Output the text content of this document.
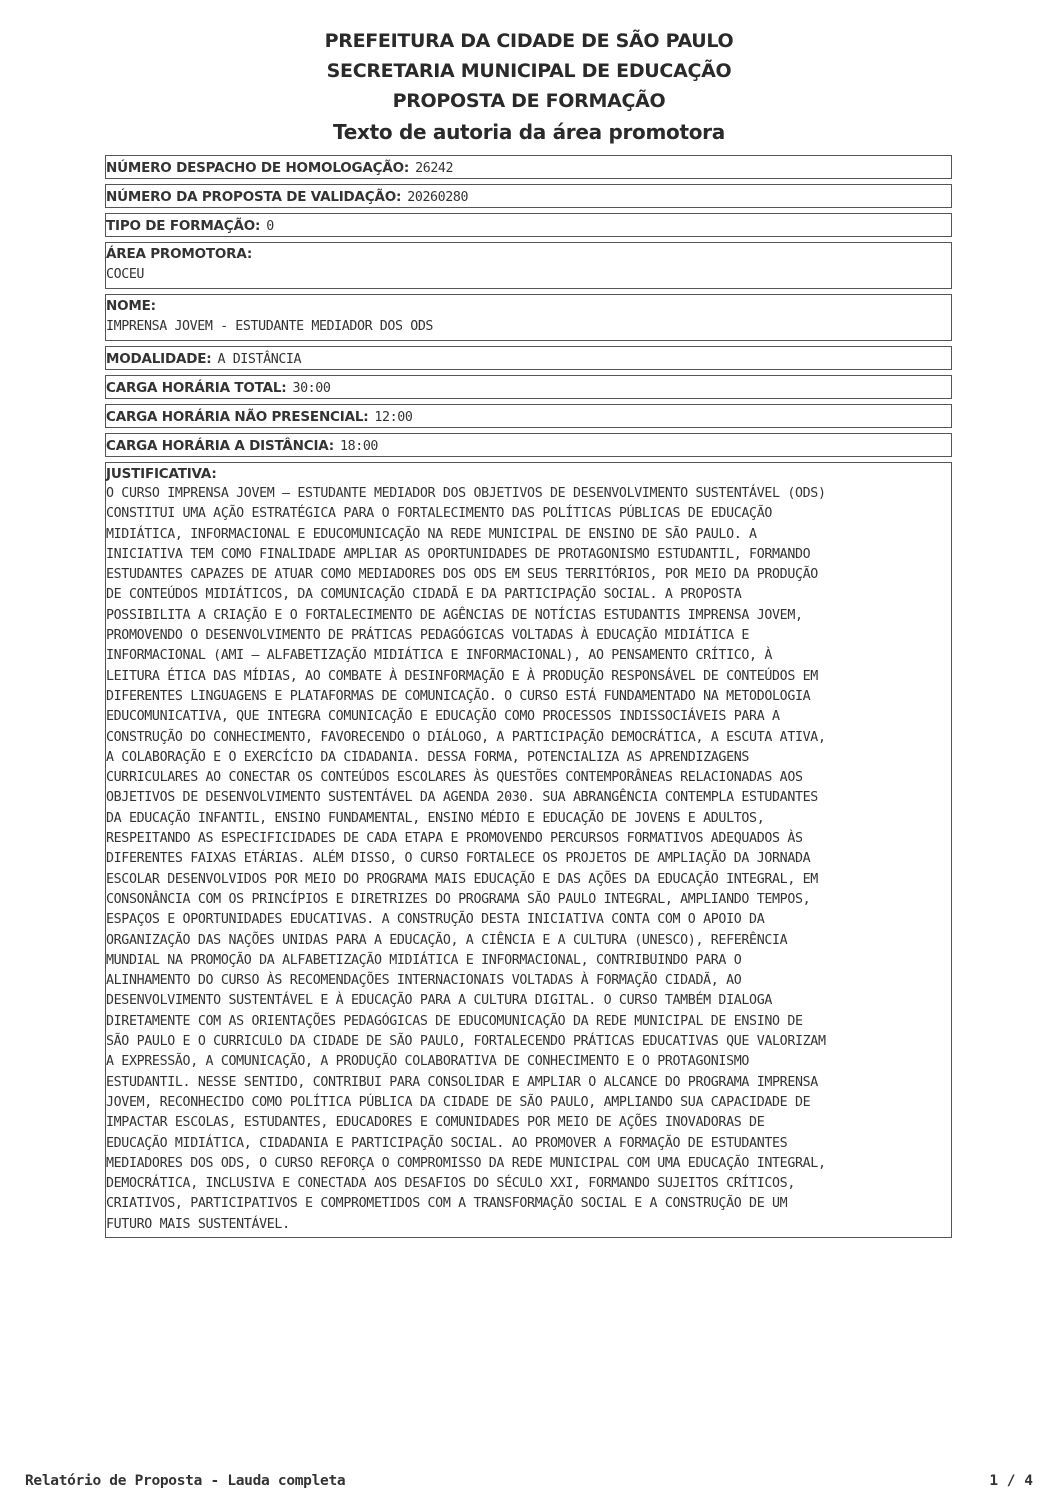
PREFEITURA DA CIDADE DE SÃO PAULO
SECRETARIA MUNICIPAL DE EDUCAÇÃO
PROPOSTA DE FORMAÇÃO
Texto de autoria da área promotora
NÚMERO DESPACHO DE HOMOLOGAÇÃO: 26242
NÚMERO DA PROPOSTA DE VALIDAÇÃO: 20260280
TIPO DE FORMAÇÃO: 0
ÁREA PROMOTORA:
COCEU
NOME:
IMPRENSA JOVEM - ESTUDANTE MEDIADOR DOS ODS
MODALIDADE: A DISTÂNCIA
CARGA HORÁRIA TOTAL: 30:00
CARGA HORÁRIA NÃO PRESENCIAL: 12:00
CARGA HORÁRIA A DISTÂNCIA: 18:00
JUSTIFICATIVA:
O CURSO IMPRENSA JOVEM — ESTUDANTE MEDIADOR DOS OBJETIVOS DE DESENVOLVIMENTO SUSTENTÁVEL (ODS)
CONSTITUI UMA AÇÃO ESTRATÉGICA PARA O FORTALECIMENTO DAS POLÍTICAS PÚBLICAS DE EDUCAÇÃO
MIDIÁTICA, INFORMACIONAL E EDUCOMUNICAÇÃO NA REDE MUNICIPAL DE ENSINO DE SÃO PAULO. A
INICIATIVA TEM COMO FINALIDADE AMPLIAR AS OPORTUNIDADES DE PROTAGONISMO ESTUDANTIL, FORMANDO
ESTUDANTES CAPAZES DE ATUAR COMO MEDIADORES DOS ODS EM SEUS TERRITÓRIOS, POR MEIO DA PRODUÇÃO
DE CONTEÚDOS MIDIÁTICOS, DA COMUNICAÇÃO CIDADÃ E DA PARTICIPAÇÃO SOCIAL. A PROPOSTA
POSSIBILITA A CRIAÇÃO E O FORTALECIMENTO DE AGÊNCIAS DE NOTÍCIAS ESTUDANTIS IMPRENSA JOVEM,
PROMOVENDO O DESENVOLVIMENTO DE PRÁTICAS PEDAGÓGICAS VOLTADAS À EDUCAÇÃO MIDIÁTICA E
INFORMACIONAL (AMI — ALFABETIZAÇÃO MIDIÁTICA E INFORMACIONAL), AO PENSAMENTO CRÍTICO, À
LEITURA ÉTICA DAS MÍDIAS, AO COMBATE À DESINFORMAÇÃO E À PRODUÇÃO RESPONSÁVEL DE CONTEÚDOS EM
DIFERENTES LINGUAGENS E PLATAFORMAS DE COMUNICAÇÃO. O CURSO ESTÁ FUNDAMENTADO NA METODOLOGIA
EDUCOMUNICATIVA, QUE INTEGRA COMUNICAÇÃO E EDUCAÇÃO COMO PROCESSOS INDISSOCIÁVEIS PARA A
CONSTRUÇÃO DO CONHECIMENTO, FAVORECENDO O DIÁLOGO, A PARTICIPAÇÃO DEMOCRÁTICA, A ESCUTA ATIVA,
A COLABORAÇÃO E O EXERCÍCIO DA CIDADANIA. DESSA FORMA, POTENCIALIZA AS APRENDIZAGENS
CURRICULARES AO CONECTAR OS CONTEÚDOS ESCOLARES ÀS QUESTÕES CONTEMPORÂNEAS RELACIONADAS AOS
OBJETIVOS DE DESENVOLVIMENTO SUSTENTÁVEL DA AGENDA 2030. SUA ABRANGÊNCIA CONTEMPLA ESTUDANTES
DA EDUCAÇÃO INFANTIL, ENSINO FUNDAMENTAL, ENSINO MÉDIO E EDUCAÇÃO DE JOVENS E ADULTOS,
RESPEITANDO AS ESPECIFICIDADES DE CADA ETAPA E PROMOVENDO PERCURSOS FORMATIVOS ADEQUADOS ÀS
DIFERENTES FAIXAS ETÁRIAS. ALÉM DISSO, O CURSO FORTALECE OS PROJETOS DE AMPLIAÇÃO DA JORNADA
ESCOLAR DESENVOLVIDOS POR MEIO DO PROGRAMA MAIS EDUCAÇÃO E DAS AÇÕES DA EDUCAÇÃO INTEGRAL, EM
CONSONÂNCIA COM OS PRINCÍPIOS E DIRETRIZES DO PROGRAMA SÃO PAULO INTEGRAL, AMPLIANDO TEMPOS,
ESPAÇOS E OPORTUNIDADES EDUCATIVAS. A CONSTRUÇÃO DESTA INICIATIVA CONTA COM O APOIO DA
ORGANIZAÇÃO DAS NAÇÕES UNIDAS PARA A EDUCAÇÃO, A CIÊNCIA E A CULTURA (UNESCO), REFERÊNCIA
MUNDIAL NA PROMOÇÃO DA ALFABETIZAÇÃO MIDIÁTICA E INFORMACIONAL, CONTRIBUINDO PARA O
ALINHAMENTO DO CURSO ÀS RECOMENDAÇÕES INTERNACIONAIS VOLTADAS À FORMAÇÃO CIDADÃ, AO
DESENVOLVIMENTO SUSTENTÁVEL E À EDUCAÇÃO PARA A CULTURA DIGITAL. O CURSO TAMBÉM DIALOGA
DIRETAMENTE COM AS ORIENTAÇÕES PEDAGÓGICAS DE EDUCOMUNICAÇÃO DA REDE MUNICIPAL DE ENSINO DE
SÃO PAULO E O CURRICULO DA CIDADE DE SÃO PAULO, FORTALECENDO PRÁTICAS EDUCATIVAS QUE VALORIZAM
A EXPRESSÃO, A COMUNICAÇÃO, A PRODUÇÃO COLABORATIVA DE CONHECIMENTO E O PROTAGONISMO
ESTUDANTIL. NESSE SENTIDO, CONTRIBUI PARA CONSOLIDAR E AMPLIAR O ALCANCE DO PROGRAMA IMPRENSA
JOVEM, RECONHECIDO COMO POLÍTICA PÚBLICA DA CIDADE DE SÃO PAULO, AMPLIANDO SUA CAPACIDADE DE
IMPACTAR ESCOLAS, ESTUDANTES, EDUCADORES E COMUNIDADES POR MEIO DE AÇÕES INOVADORAS DE
EDUCAÇÃO MIDIÁTICA, CIDADANIA E PARTICIPAÇÃO SOCIAL. AO PROMOVER A FORMAÇÃO DE ESTUDANTES
MEDIADORES DOS ODS, O CURSO REFORÇA O COMPROMISSO DA REDE MUNICIPAL COM UMA EDUCAÇÃO INTEGRAL,
DEMOCRÁTICA, INCLUSIVA E CONECTADA AOS DESAFIOS DO SÉCULO XXI, FORMANDO SUJEITOS CRÍTICOS,
CRIATIVOS, PARTICIPATIVOS E COMPROMETIDOS COM A TRANSFORMAÇÃO SOCIAL E A CONSTRUÇÃO DE UM
FUTURO MAIS SUSTENTÁVEL.
Relatório de Proposta - Lauda completa	1 / 4
